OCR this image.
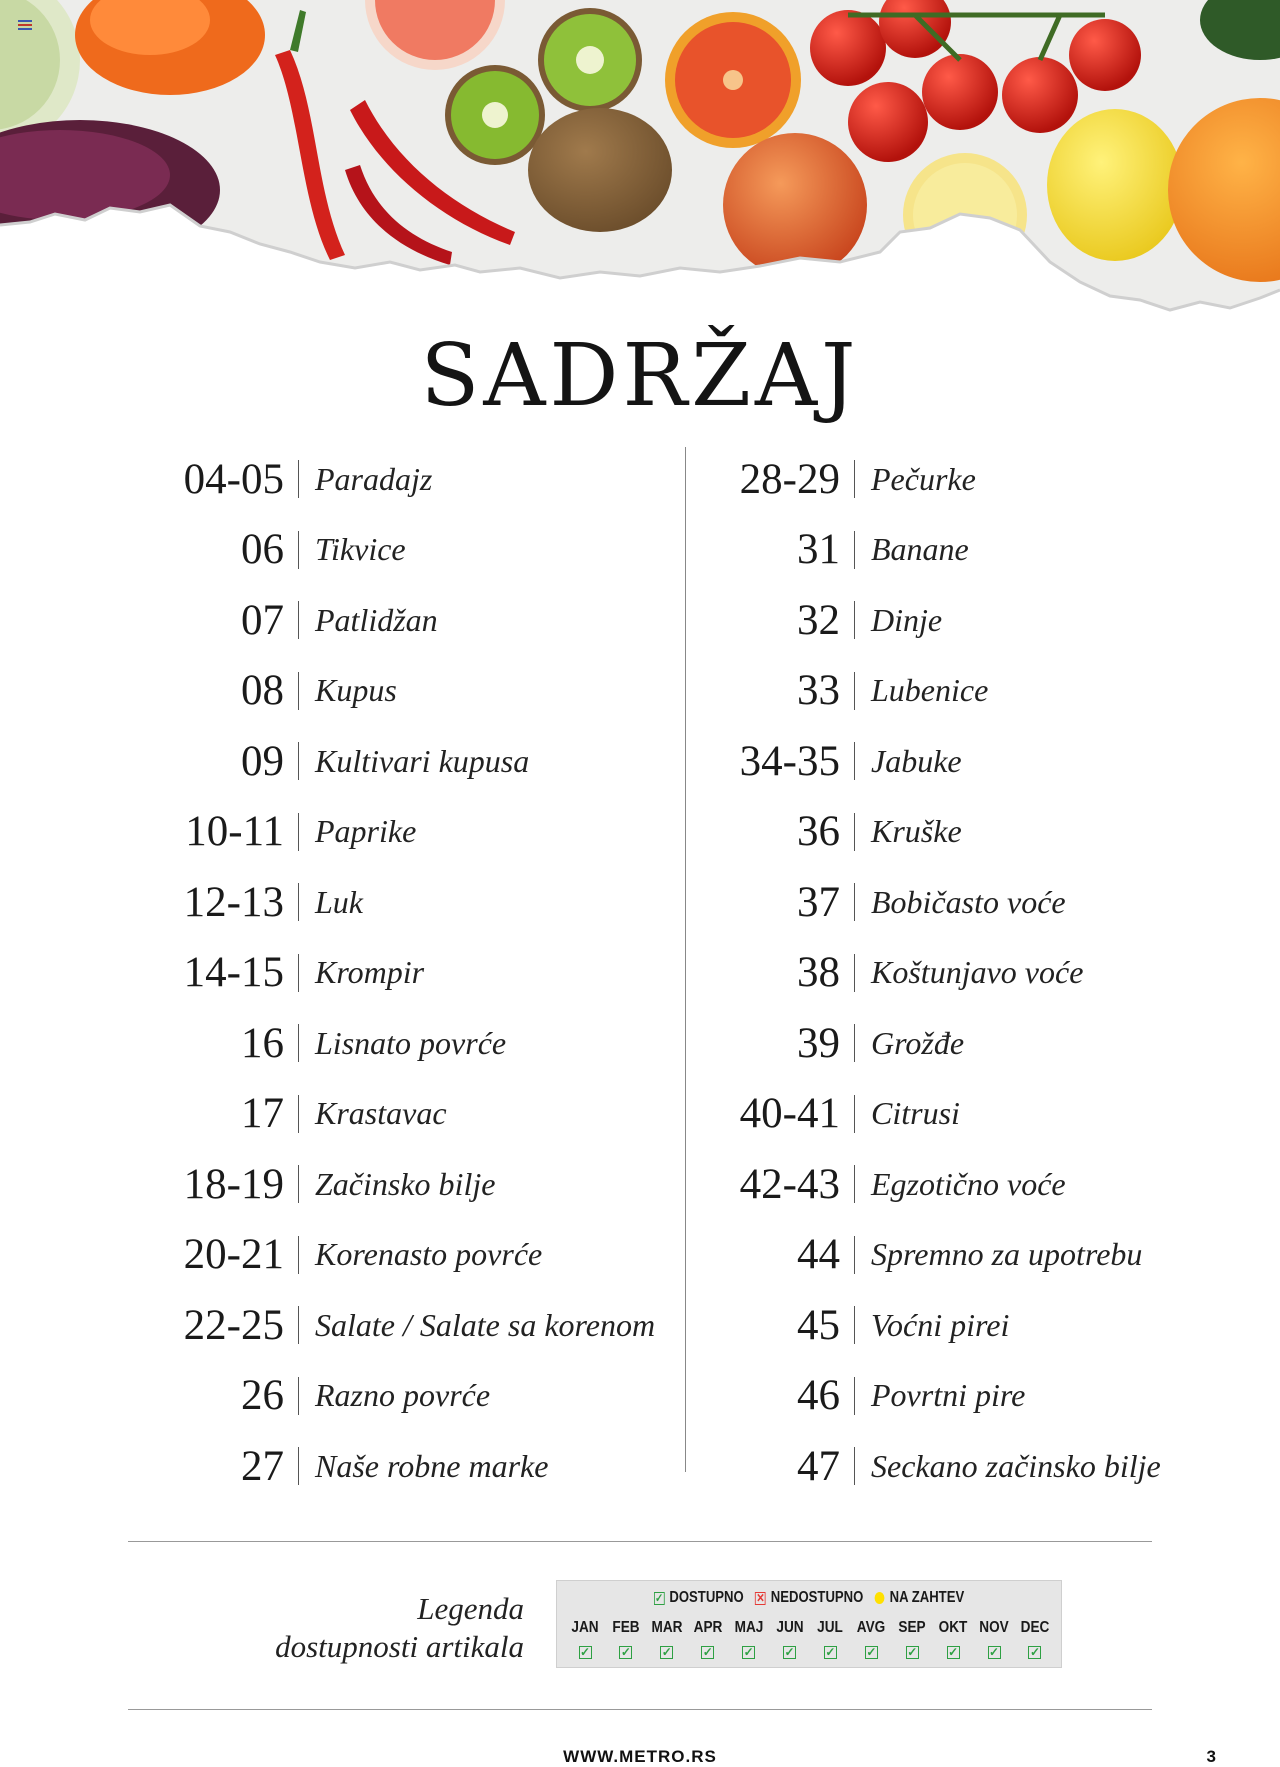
SADRŽAJ
04-05 Paradajz
06 Tikvice
07 Patlidžan
08 Kupus
09 Kultivari kupusa
10-11 Paprike
12-13 Luk
14-15 Krompir
16 Lisnato povrće
17 Krastavac
18-19 Začinsko bilje
20-21 Korenasto povrće
22-25 Salate / Salate sa korenom
26 Razno povrće
27 Naše robne marke
28-29 Pečurke
31 Banane
32 Dinje
33 Lubenice
34-35 Jabuke
36 Kruške
37 Bobičasto voće
38 Koštunjavo voće
39 Grožđe
40-41 Citrusi
42-43 Egzotično voće
44 Spremno za upotrebu
45 Voćni pirei
46 Povrtni pire
47 Seckano začinsko bilje
Legenda
dostupnosti artikala
✓ DOSTUPNO ✕ NEDOSTUPNO NA ZAHTEV
JAN FEB MAR APR MAJ JUN JUL AVG SEP OKT NOV DEC
✓	✓	✓	✓	✓	✓	✓	✓	✓	✓	✓	✓
WWW.METRO.RS	3
